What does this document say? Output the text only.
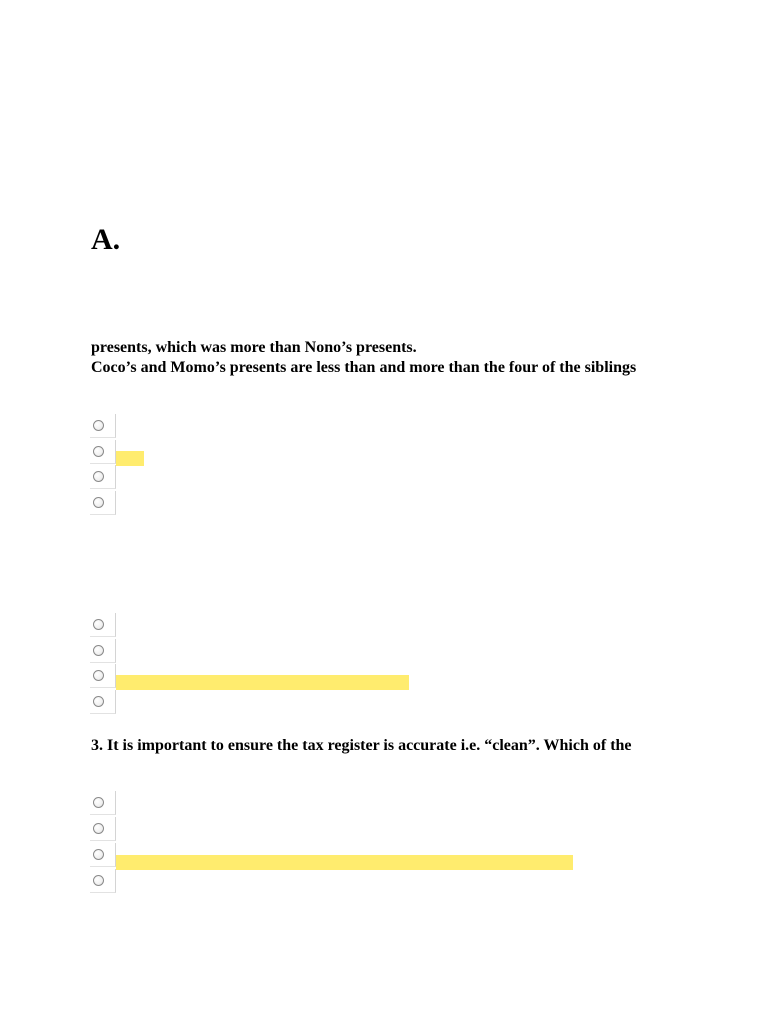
A.

presents, which was more than Nono’s presents.

Coco’s and Momo’s presents are less than and more than the four of the siblings

3. It is important to ensure the tax register is accurate i.e. “clean”. Which of the
